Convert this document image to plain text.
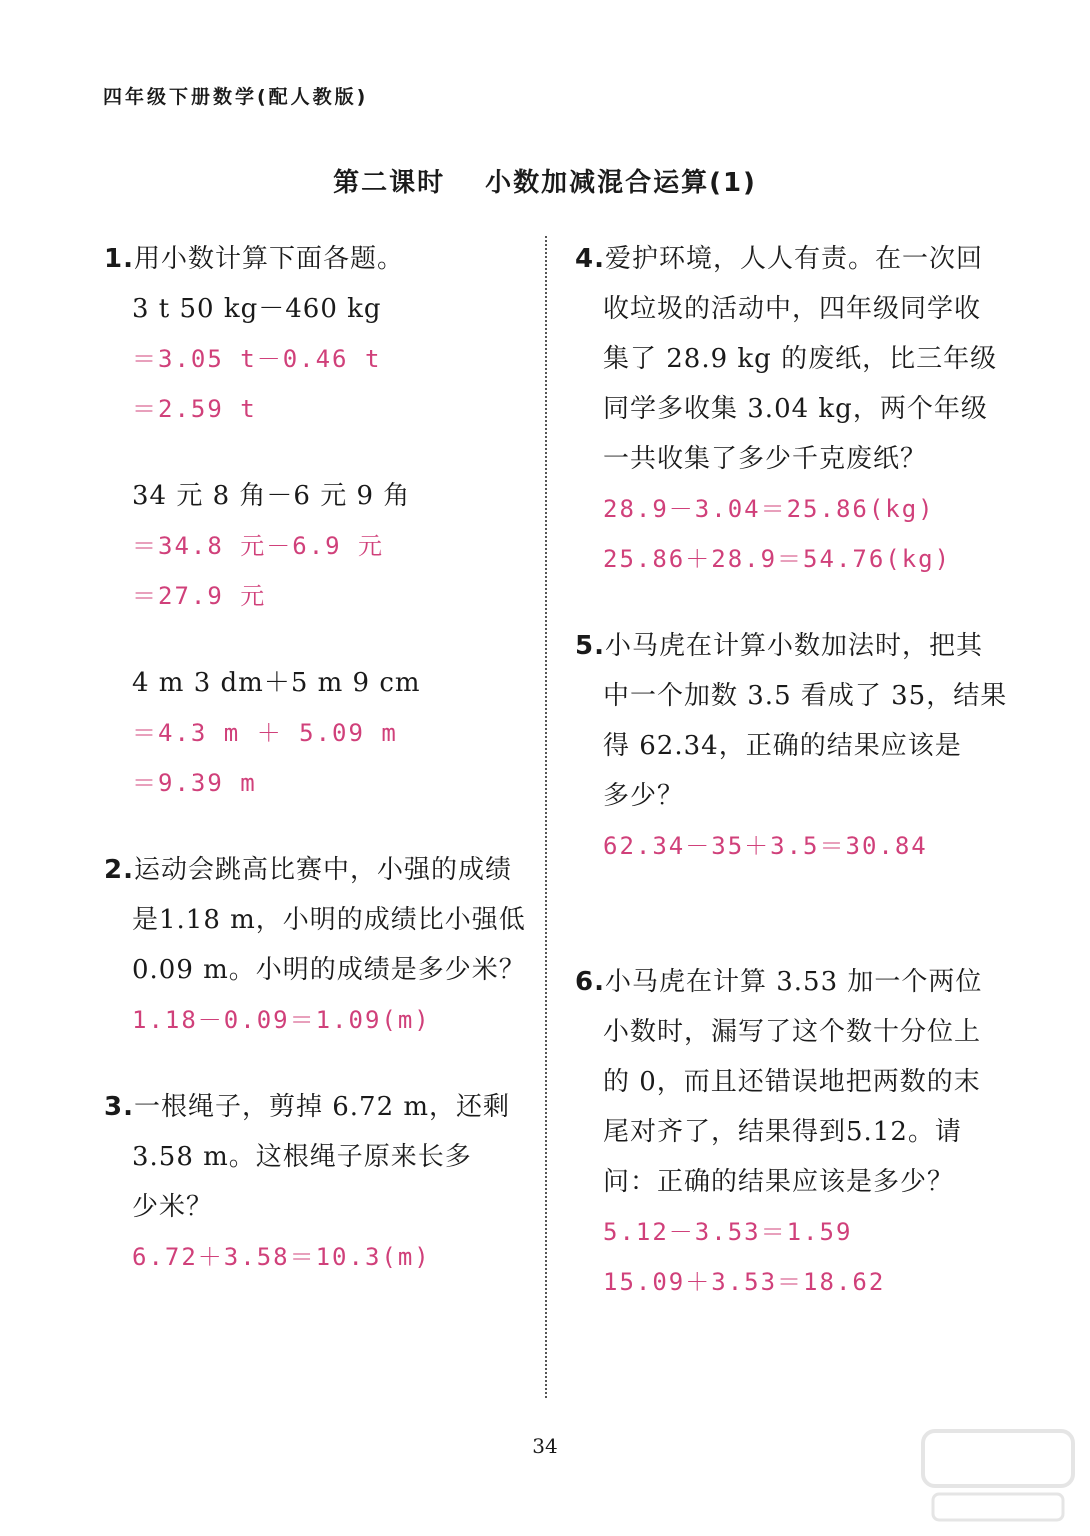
四年级下册数学(配人教版)
第二课时 小数加减混合运算(1)
1.用小数计算下面各题。
3 t 50 kg－460 kg
＝3.05 t－0.46 t
＝2.59 t
34 元 8 角－6 元 9 角
＝34.8 元－6.9 元
＝27.9 元
4 m 3 dm＋5 m 9 cm
＝4.3 m ＋ 5.09 m
＝9.39 m
2.运动会跳高比赛中，小强的成绩
是1.18 m，小明的成绩比小强低
0.09 m。小明的成绩是多少米？
1.18－0.09＝1.09(m)
3.一根绳子，剪掉 6.72 m，还剩
3.58 m。这根绳子原来长多
少米？
6.72＋3.58＝10.3(m)
4.爱护环境，人人有责。在一次回
收垃圾的活动中，四年级同学收
集了 28.9 kg 的废纸，比三年级
同学多收集 3.04 kg，两个年级
一共收集了多少千克废纸？
28.9－3.04＝25.86(kg)
25.86＋28.9＝54.76(kg)
5.小马虎在计算小数加法时，把其
中一个加数 3.5 看成了 35，结果
得 62.34，正确的结果应该是
多少？
62.34－35＋3.5＝30.84
6.小马虎在计算 3.53 加一个两位
小数时，漏写了这个数十分位上
的 0，而且还错误地把两数的末
尾对齐了，结果得到5.12。请
问：正确的结果应该是多少？
5.12－3.53＝1.59
15.09＋3.53＝18.62
34
